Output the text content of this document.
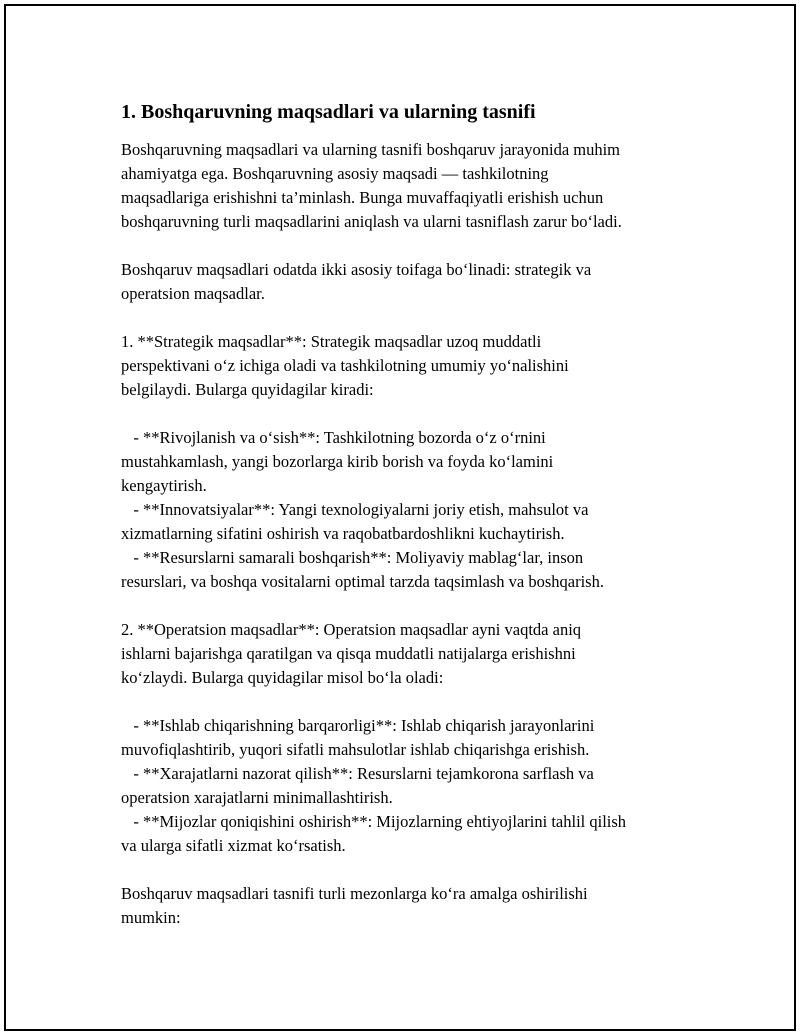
1. Boshqaruvning maqsadlari va ularning tasnifi

Boshqaruvning maqsadlari va ularning tasnifi boshqaruv jarayonida muhim
ahamiyatga ega. Boshqaruvning asosiy maqsadi — tashkilotning
maqsadlariga erishishni ta’minlash. Bunga muvaffaqiyatli erishish uchun
boshqaruvning turli maqsadlarini aniqlash va ularni tasniflash zarur bo‘ladi.

Boshqaruv maqsadlari odatda ikki asosiy toifaga bo‘linadi: strategik va
operatsion maqsadlar.

1. **Strategik maqsadlar**: Strategik maqsadlar uzoq muddatli
perspektivani o‘z ichiga oladi va tashkilotning umumiy yo‘nalishini
belgilaydi. Bularga quyidagilar kiradi:

- **Rivojlanish va o‘sish**: Tashkilotning bozorda o‘z o‘rnini
mustahkamlash, yangi bozorlarga kirib borish va foyda ko‘lamini
kengaytirish.
- **Innovatsiyalar**: Yangi texnologiyalarni joriy etish, mahsulot va
xizmatlarning sifatini oshirish va raqobatbardoshlikni kuchaytirish.
- **Resurslarni samarali boshqarish**: Moliyaviy mablag‘lar, inson
resurslari, va boshqa vositalarni optimal tarzda taqsimlash va boshqarish.

2. **Operatsion maqsadlar**: Operatsion maqsadlar ayni vaqtda aniq
ishlarni bajarishga qaratilgan va qisqa muddatli natijalarga erishishni
ko‘zlaydi. Bularga quyidagilar misol bo‘la oladi:

- **Ishlab chiqarishning barqarorligi**: Ishlab chiqarish jarayonlarini
muvofiqlashtirib, yuqori sifatli mahsulotlar ishlab chiqarishga erishish.
- **Xarajatlarni nazorat qilish**: Resurslarni tejamkorona sarflash va
operatsion xarajatlarni minimallashtirish.
- **Mijozlar qoniqishini oshirish**: Mijozlarning ehtiyojlarini tahlil qilish
va ularga sifatli xizmat ko‘rsatish.

Boshqaruv maqsadlari tasnifi turli mezonlarga ko‘ra amalga oshirilishi
mumkin:
